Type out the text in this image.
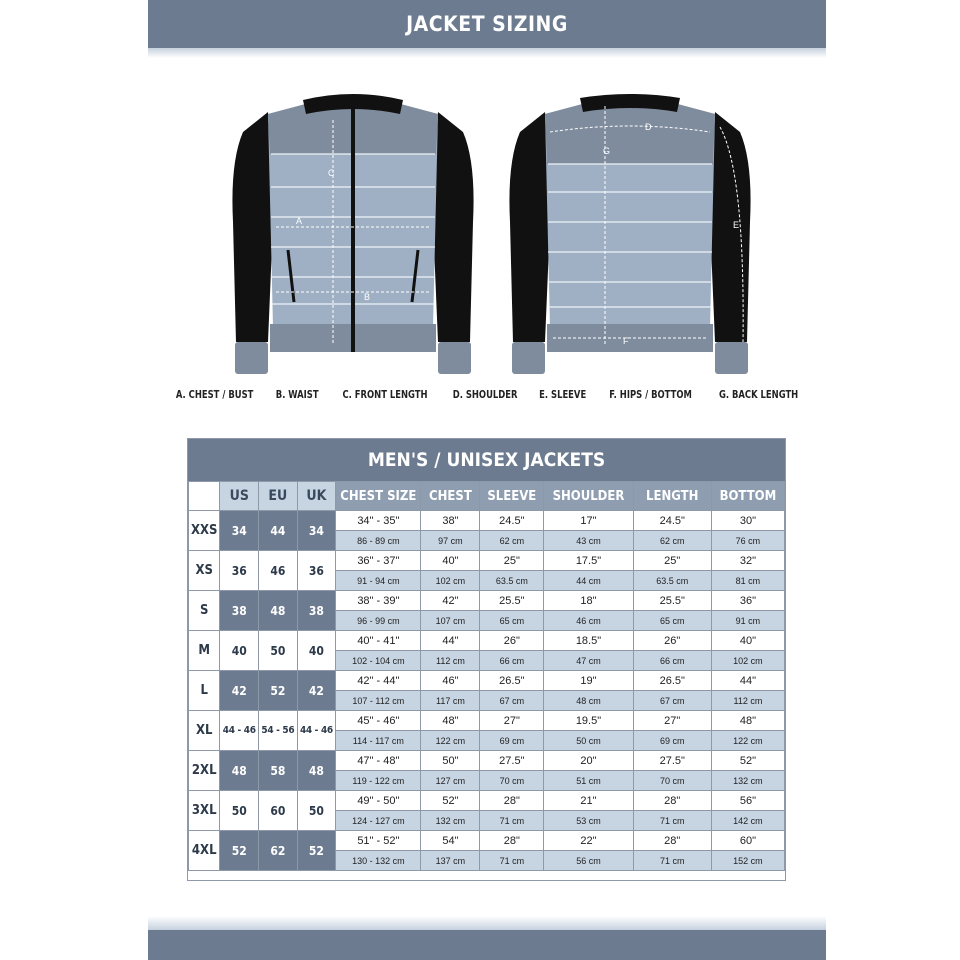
JACKET SIZING
C
A
B
D
G
E
F
A. CHEST / BUST B. WAIST C. FRONT LENGTH D. SHOULDER E. SLEEVE F. HIPS / BOTTOM G. BACK LENGTH
MEN'S / UNISEX JACKETS
	US	EU	UK	CHEST SIZE	CHEST	SLEEVE	SHOULDER	LENGTH	BOTTOM
XXS	34	44	34	34" - 35"	38"	24.5"	17"	24.5"	30"
				86 - 89 cm	97 cm	62 cm	43 cm	62 cm	76 cm
XS	36	46	36	36" - 37"	40"	25"	17.5"	25"	32"
				91 - 94 cm	102 cm	63.5 cm	44 cm	63.5 cm	81 cm
S	38	48	38	38" - 39"	42"	25.5"	18"	25.5"	36"
				96 - 99 cm	107 cm	65 cm	46 cm	65 cm	91 cm
M	40	50	40	40" - 41"	44"	26"	18.5"	26"	40"
				102 - 104 cm	112 cm	66 cm	47 cm	66 cm	102 cm
L	42	52	42	42" - 44"	46"	26.5"	19"	26.5"	44"
				107 - 112 cm	117 cm	67 cm	48 cm	67 cm	112 cm
XL	44 - 46	54 - 56	44 - 46	45" - 46"	48"	27"	19.5"	27"	48"
				114 - 117 cm	122 cm	69 cm	50 cm	69 cm	122 cm
2XL	48	58	48	47" - 48"	50"	27.5"	20"	27.5"	52"
				119 - 122 cm	127 cm	70 cm	51 cm	70 cm	132 cm
3XL	50	60	50	49" - 50"	52"	28"	21"	28"	56"
				124 - 127 cm	132 cm	71 cm	53 cm	71 cm	142 cm
4XL	52	62	52	51" - 52"	54"	28"	22"	28"	60"
				130 - 132 cm	137 cm	71 cm	56 cm	71 cm	152 cm
